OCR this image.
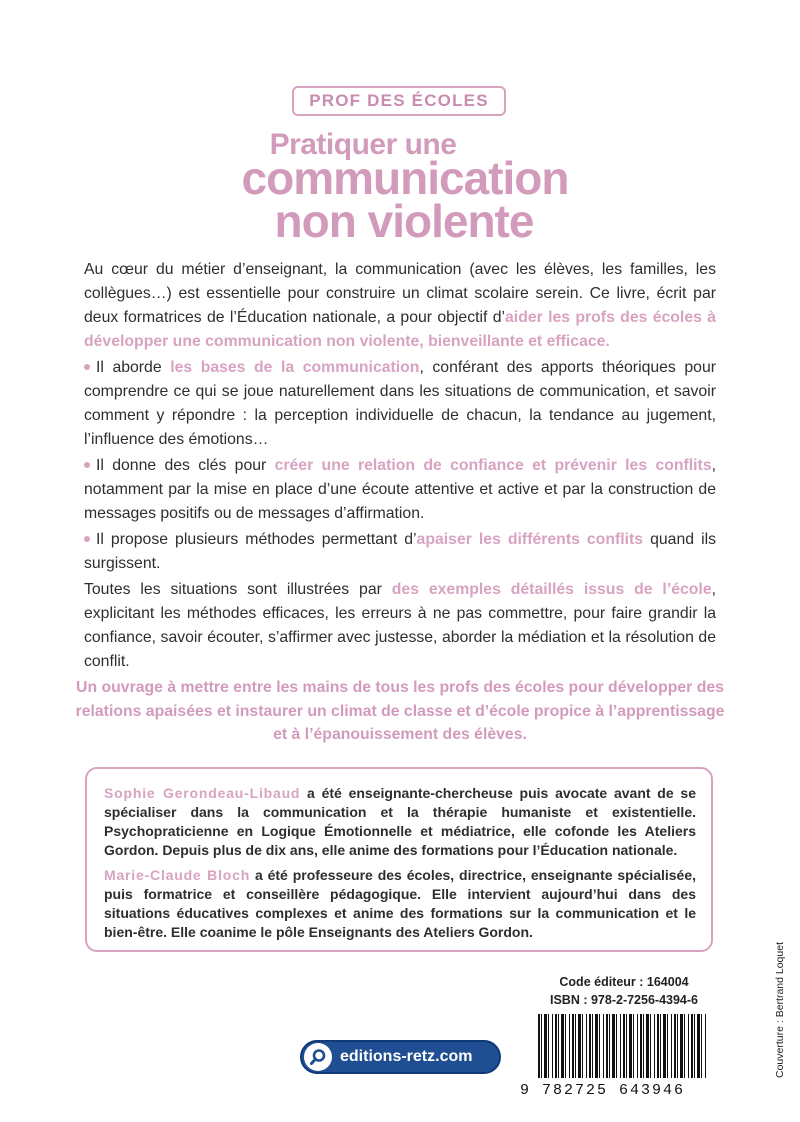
PROF DES ÉCOLES
Pratiquer une
communication
non violente
Au cœur du métier d’enseignant, la communication (avec les élèves, les familles, les collègues…) est essentielle pour construire un climat scolaire serein. Ce livre, écrit par deux formatrices de l’Éducation nationale, a pour objectif d’aider les profs des écoles à développer une communication non violente, bienveillante et efficace.
Il aborde les bases de la communication, conférant des apports théoriques pour comprendre ce qui se joue naturellement dans les situations de communication, et savoir comment y répondre : la perception individuelle de chacun, la tendance au jugement, l’influence des émotions…
Il donne des clés pour créer une relation de confiance et prévenir les conflits, notamment par la mise en place d’une écoute attentive et active et par la construction de messages positifs ou de messages d’affirmation.
Il propose plusieurs méthodes permettant d’apaiser les différents conflits quand ils surgissent.
Toutes les situations sont illustrées par des exemples détaillés issus de l’école, explicitant les méthodes efficaces, les erreurs à ne pas commettre, pour faire grandir la confiance, savoir écouter, s’affirmer avec justesse, aborder la médiation et la résolution de conflit.
Un ouvrage à mettre entre les mains de tous les profs des écoles pour développer des relations apaisées et instaurer un climat de classe et d’école propice à l’apprentissage et à l’épanouissement des élèves.
Sophie Gerondeau-Libaud a été enseignante-chercheuse puis avocate avant de se spécialiser dans la communication et la thérapie humaniste et existentielle. Psychopraticienne en Logique Émotionnelle et médiatrice, elle cofonde les Ateliers Gordon. Depuis plus de dix ans, elle anime des formations pour l’Éducation nationale.
Marie-Claude Bloch a été professeure des écoles, directrice, enseignante spécialisée, puis formatrice et conseillère pédagogique. Elle intervient aujourd’hui dans des situations éducatives complexes et anime des formations sur la communication et le bien-être. Elle coanime le pôle Enseignants des Ateliers Gordon.
Code éditeur : 164004
ISBN : 978-2-7256-4394-6
9 782725 643946
editions-retz.com	Couverture : Bertrand Loquet
